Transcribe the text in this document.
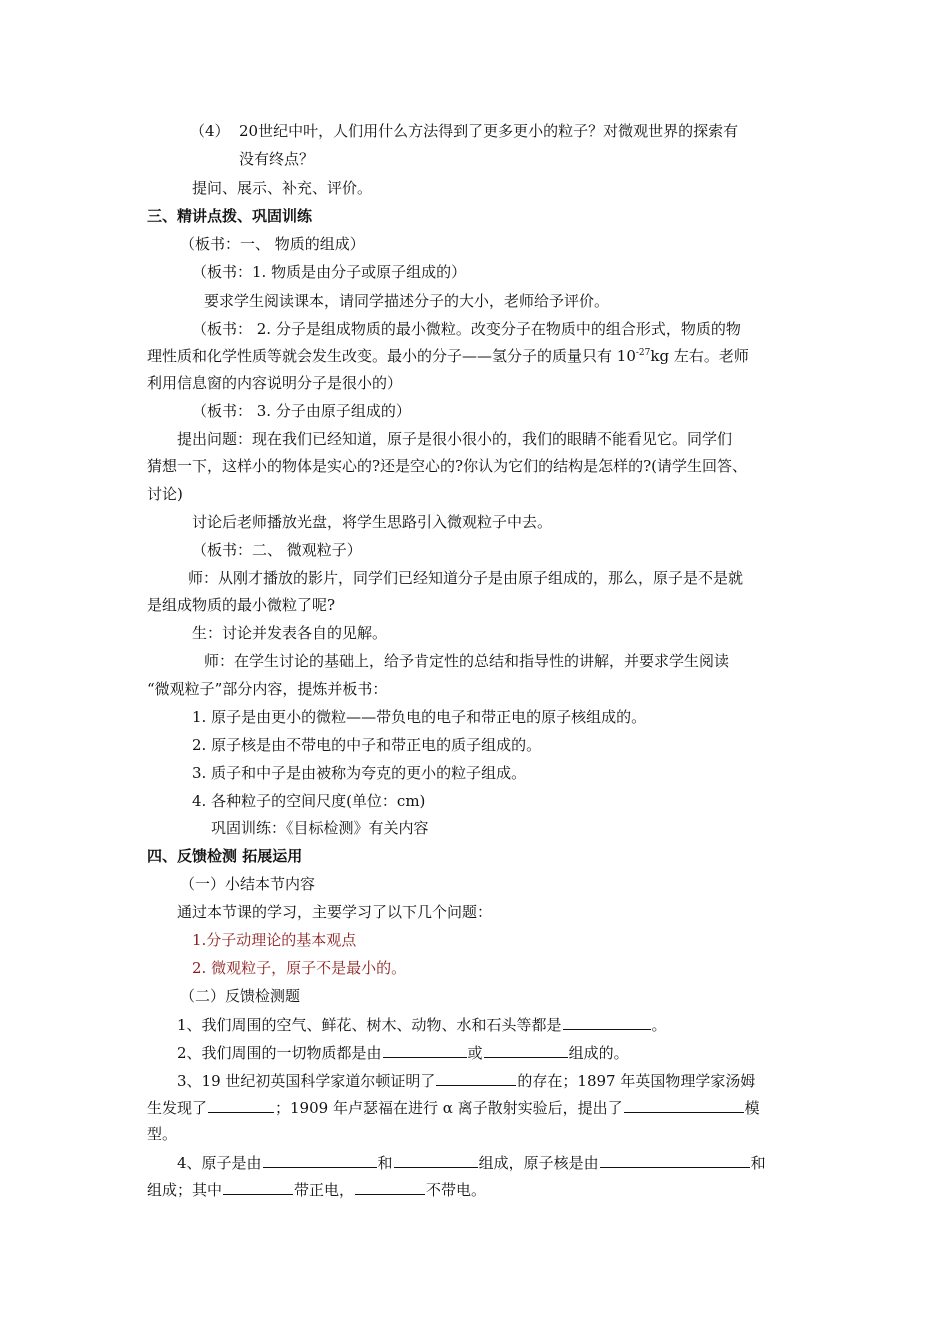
（4） 20世纪中叶，人们用什么方法得到了更多更小的粒子？对微观世界的探索有
没有终点？
提问、展示、补充、评价。
三、精讲点拨、巩固训练
（板书：一、 物质的组成）
（板书：1. 物质是由分子或原子组成的）
要求学生阅读课本，请同学描述分子的大小，老师给予评价。
（板书： 2. 分子是组成物质的最小微粒。改变分子在物质中的组合形式，物质的物
理性质和化学性质等就会发生改变。最小的分子——氢分子的质量只有 $10^{-27}kg$ 左右。老师
利用信息窗的内容说明分子是很小的）
（板书： 3. 分子由原子组成的）
提出问题：现在我们已经知道，原子是很小很小的，我们的眼睛不能看见它。同学们
猜想一下，这样小的物体是实心的?还是空心的?你认为它们的结构是怎样的?(请学生回答、
讨论)
讨论后老师播放光盘，将学生思路引入微观粒子中去。
（板书：二、 微观粒子）
师：从刚才播放的影片，同学们已经知道分子是由原子组成的，那么，原子是不是就
是组成物质的最小微粒了呢?
生：讨论并发表各自的见解。
师：在学生讨论的基础上，给予肯定性的总结和指导性的讲解，并要求学生阅读
“微观粒子”部分内容，提炼并板书：
1. 原子是由更小的微粒——带负电的电子和带正电的原子核组成的。
2. 原子核是由不带电的中子和带正电的质子组成的。
3. 质子和中子是由被称为夸克的更小的粒子组成。
4. 各种粒子的空间尺度(单位：cm)
巩固训练：《目标检测》有关内容
四、反馈检测 拓展运用
（一）小结本节内容
通过本节课的学习，主要学习了以下几个问题：
1.分子动理论的基本观点
2. 微观粒子，原子不是最小的。
（二）反馈检测题
1、我们周围的空气、鲜花、树木、动物、水和石头等都是	。
2、我们周围的一切物质都是由	或	组成的。
3、19 世纪初英国科学家道尔顿证明了	的存在；1897 年英国物理学家汤姆
生发现了	；1909 年卢瑟福在进行 α 离子散射实验后，提出了	模
型。
4、原子是由	和	组成，原子核是由	和
组成；其中	带正电，	不带电。
